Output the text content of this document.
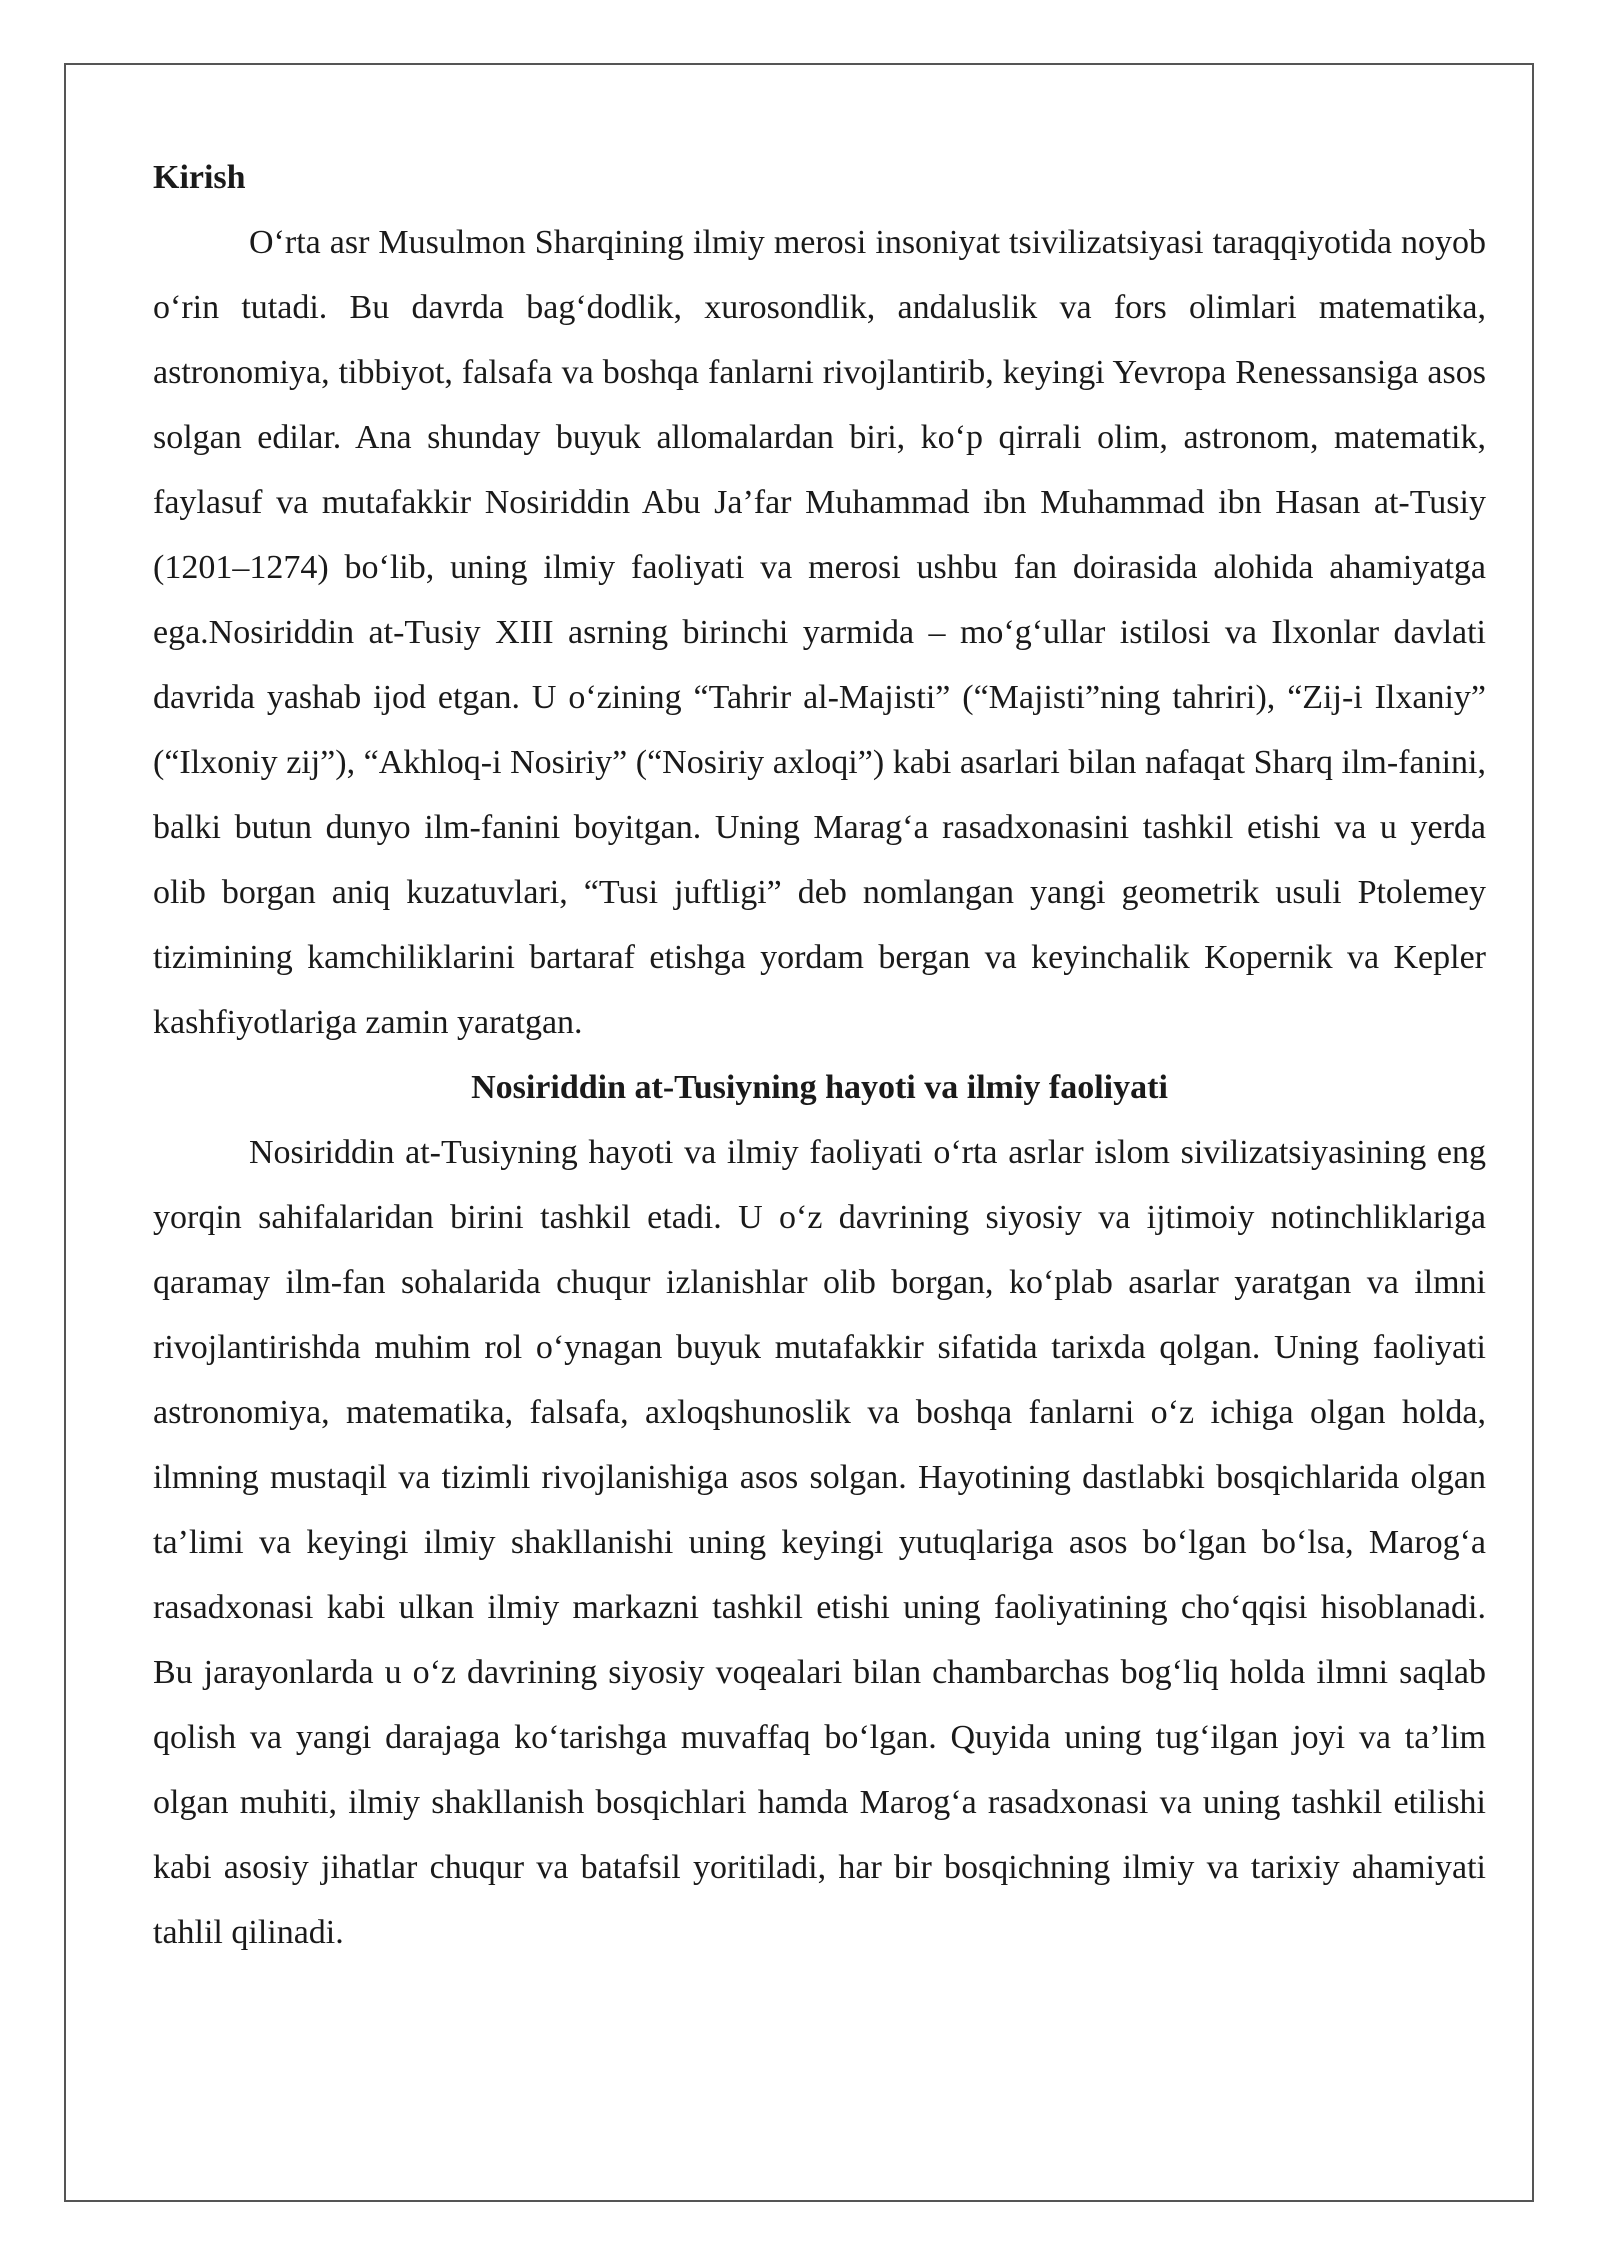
Kirish

O‘rta asr Musulmon Sharqining ilmiy merosi insoniyat tsivilizatsiyasi taraqqiyotida noyob o‘rin tutadi. Bu davrda bag‘dodlik, xurosondlik, andaluslik va fors olimlari matematika, astronomiya, tibbiyot, falsafa va boshqa fanlarni rivojlantirib, keyingi Yevropa Renessansiga asos solgan edilar. Ana shunday buyuk allomalardan biri, ko‘p qirrali olim, astronom, matematik, faylasuf va mutafakkir Nosiriddin Abu Ja’far Muhammad ibn Muhammad ibn Hasan at-Tusiy (1201–1274) bo‘lib, uning ilmiy faoliyati va merosi ushbu fan doirasida alohida ahamiyatga ega.Nosiriddin at-Tusiy XIII asrning birinchi yarmida – mo‘g‘ullar istilosi va Ilxonlar davlati davrida yashab ijod etgan. U o‘zining “Tahrir al-Majisti” (“Majisti”ning tahriri), “Zij-i Ilxaniy” (“Ilxoniy zij”), “Akhloq-i Nosiriy” (“Nosiriy axloqi”) kabi asarlari bilan nafaqat Sharq ilm-fanini, balki butun dunyo ilm-fanini boyitgan. Uning Marag‘a rasadxonasini tashkil etishi va u yerda olib borgan aniq kuzatuvlari, “Tusi juftligi” deb nomlangan yangi geometrik usuli Ptolemey tizimining kamchiliklarini bartaraf etishga yordam bergan va keyinchalik Kopernik va Kepler kashfiyotlariga zamin yaratgan.

Nosiriddin at-Tusiyning hayoti va ilmiy faoliyati

Nosiriddin at-Tusiyning hayoti va ilmiy faoliyati o‘rta asrlar islom sivilizatsiyasining eng yorqin sahifalaridan birini tashkil etadi. U o‘z davrining siyosiy va ijtimoiy notinchliklariga qaramay ilm-fan sohalarida chuqur izlanishlar olib borgan, ko‘plab asarlar yaratgan va ilmni rivojlantirishda muhim rol o‘ynagan buyuk mutafakkir sifatida tarixda qolgan. Uning faoliyati astronomiya, matematika, falsafa, axloqshunoslik va boshqa fanlarni o‘z ichiga olgan holda, ilmning mustaqil va tizimli rivojlanishiga asos solgan. Hayotining dastlabki bosqichlarida olgan ta’limi va keyingi ilmiy shakllanishi uning keyingi yutuqlariga asos bo‘lgan bo‘lsa, Marog‘a rasadxonasi kabi ulkan ilmiy markazni tashkil etishi uning faoliyatining cho‘qqisi hisoblanadi. Bu jarayonlarda u o‘z davrining siyosiy voqealari bilan chambarchas bog‘liq holda ilmni saqlab qolish va yangi darajaga ko‘tarishga muvaffaq bo‘lgan. Quyida uning tug‘ilgan joyi va ta’lim olgan muhiti, ilmiy shakllanish bosqichlari hamda Marog‘a rasadxonasi va uning tashkil etilishi kabi asosiy jihatlar chuqur va batafsil yoritiladi, har bir bosqichning ilmiy va tarixiy ahamiyati tahlil qilinadi.
